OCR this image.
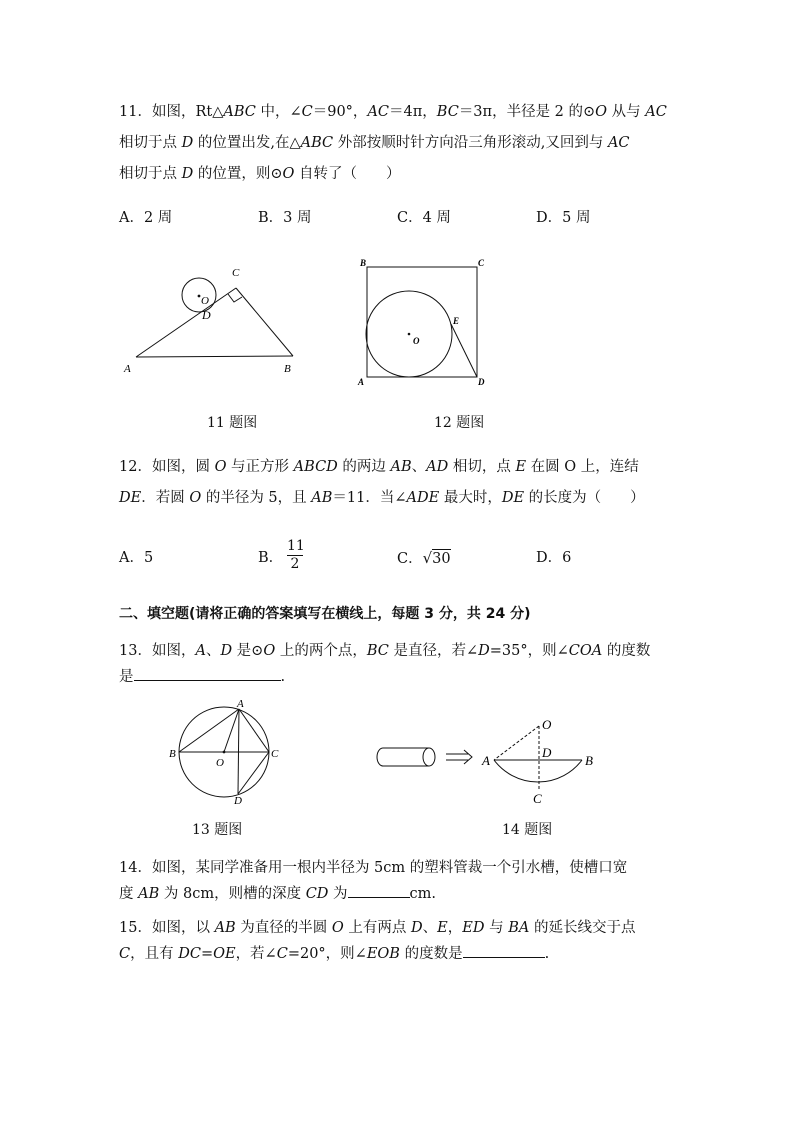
11．如图，Rt△ABC 中，∠C＝90°，AC＝4π，BC＝3π，半径是 2 的⊙O 从与 AC
相切于点 D 的位置出发,在△ABC 外部按顺时针方向沿三角形滚动,又回到与 AC
相切于点 D 的位置，则⊙O 自转了（　　）
A．2 周	B．3 周	C．4 周	D．5 周
A	B
C
D
O
B	C
A	D
E
O
11 题图	12 题图
12．如图，圆 O 与正方形 ABCD 的两边 AB、AD 相切，点 E 在圆 O 上，连结
DE．若圆 O 的半径为 5，且 AB＝11．当∠ADE 最大时，DE 的长度为（　　）
A．5	B． $\frac{11}{2}$	C．√30	D．6
二、填空题(请将正确的答案填写在横线上，每题 3 分，共 24 分)
13．如图，A、D 是⊙O 上的两个点，BC 是直径，若∠D=35°，则∠COA 的度数
是	.
A
B	C
D
O
O
D
A	B
C
13 题图	14 题图
14．如图，某同学准备用一根内半径为 5cm 的塑料管裁一个引水槽，使槽口宽
度 AB 为 8cm，则槽的深度 CD 为	cm.
15．如图，以 AB 为直径的半圆 O 上有两点 D、E，ED 与 BA 的延长线交于点
C，且有 DC=OE，若∠C=20°，则∠EOB 的度数是	.
